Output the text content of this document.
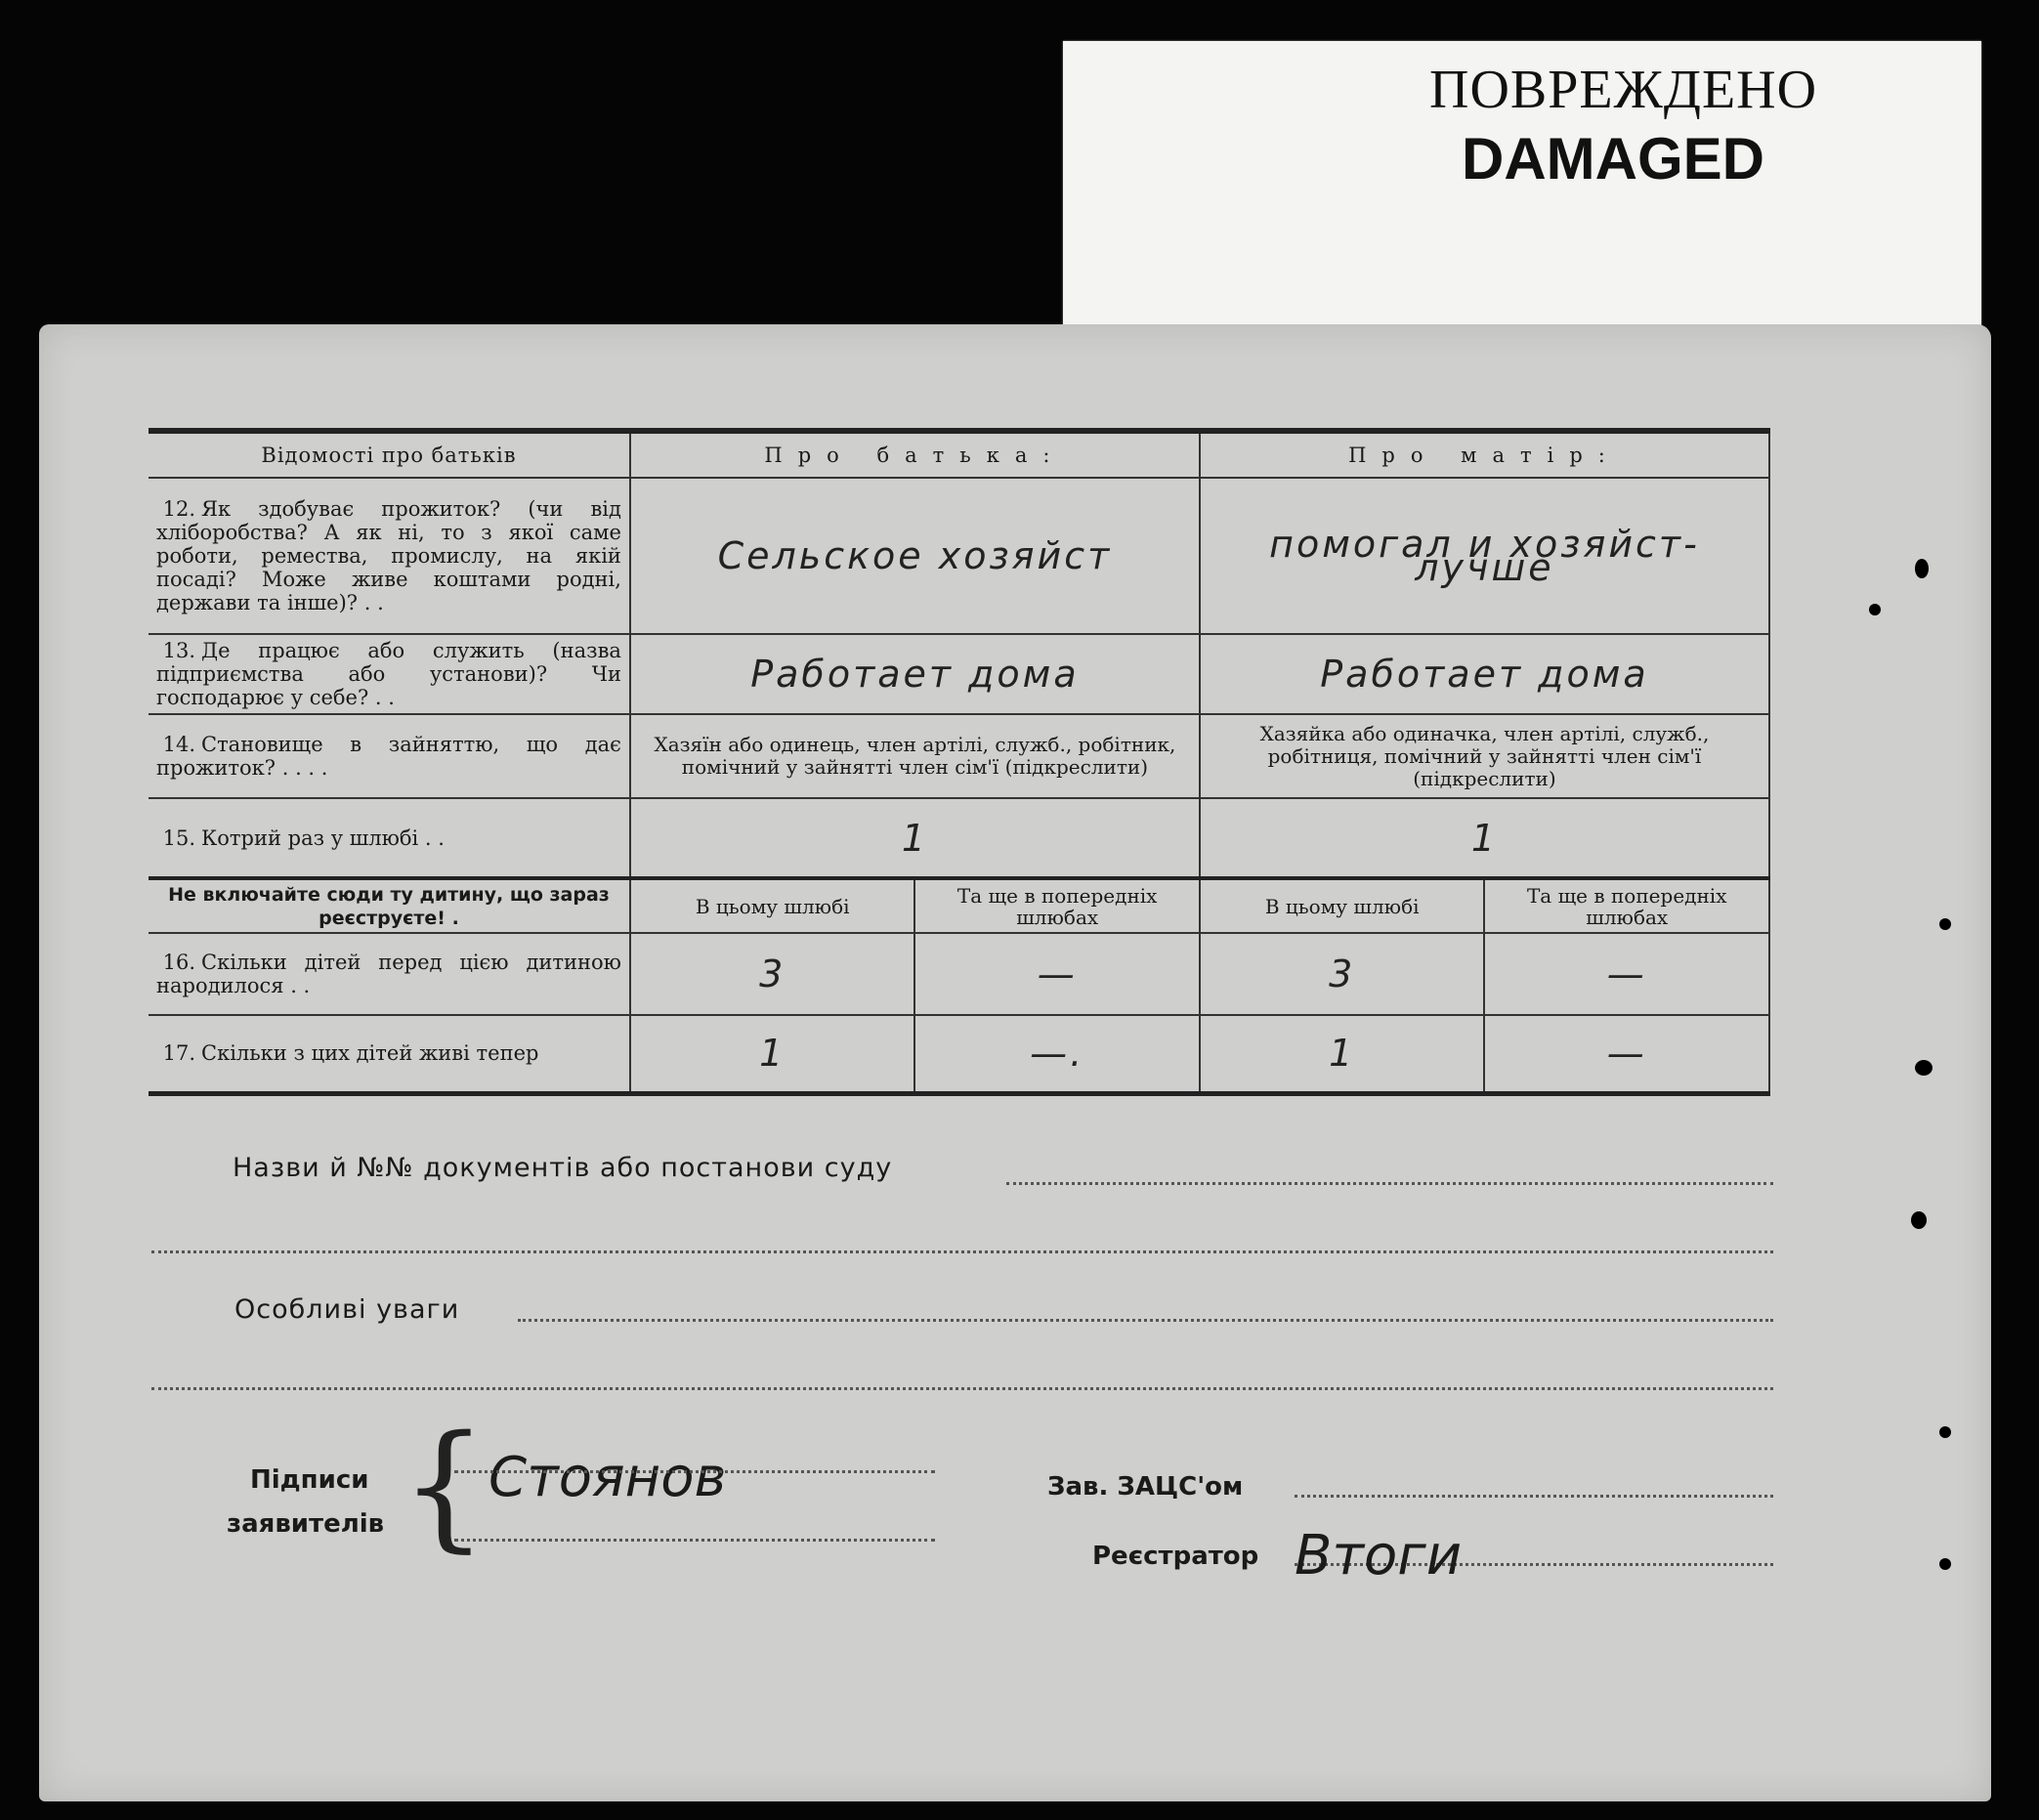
ПОВРЕЖДЕНО
DAMAGED
Відомості про батьків	Про батька:		Про матір:	
12. Як здобуває прожиток? (чи від хліборобства? А як ні, то з якої саме роботи, ремества, промислу, на якій посаді? Може живе коштами родні, держави та інше)? . .	Сельское хозяйст		помогал и хозяйст-лучше	
13. Де працює або служить (назва підприємства або установи)? Чи господарює у себе? . .	Работает дома		Работает дома	
14. Становище в зайняттю, що дає прожиток? . . . .	Хазяїн або одинець, член артілі, служб., робітник, помічний у зайнятті член сім'ї (підкреслити)		Хазяйка або одиначка, член артілі, служб., робітниця, помічний у зайнятті член сім'ї (підкреслити)	
15. Котрий раз у шлюбі . .	1		1	
Не включайте сюди ту дитину, що зараз реєструєте! .	В цьому шлюбі	Та ще в попередніх шлюбах	В цьому шлюбі	Та ще в попередніх шлюбах
16. Скільки дітей перед цією дитиною народилося . .	3	—	3	—
17. Скільки з цих дітей живі тепер	1	—.	1	—
Назви й №№ документів або постанови суду
Особливі уваги
Підписи
заявителів { Стоянов	Зав. ЗАЦС'ом
Реєстратор Втоги
